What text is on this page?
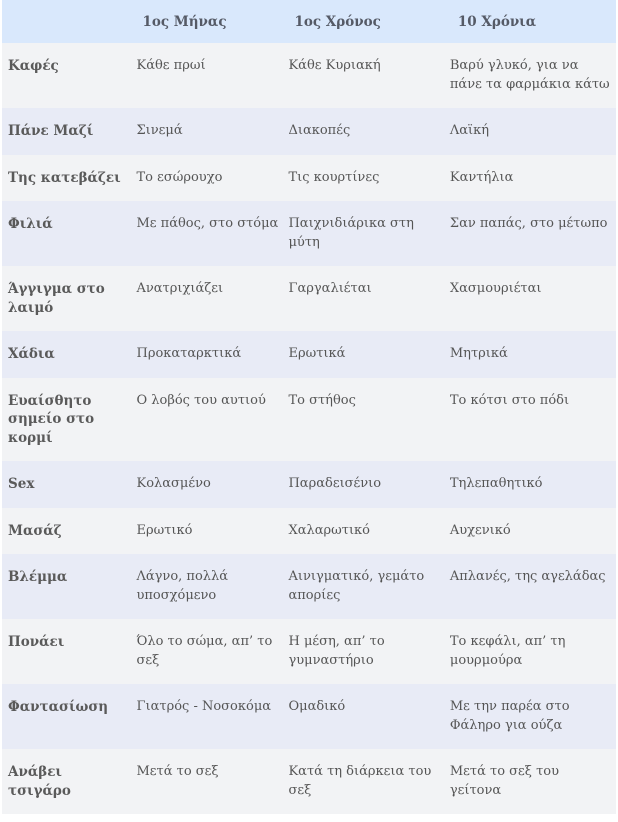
	1ος Μήνας	1ος Χρόνος	10 Χρόνια

Καφές	Κάθε πρωί	Κάθε Κυριακή	Βαρύ γλυκό, για να πάνε τα φαρμάκια κάτω

Πάνε Μαζί	Σινεμά	Διακοπές	Λαϊκή

Της κατεβάζει	Το εσώρουχο	Τις κουρτίνες	Καντήλια

Φιλιά	Με πάθος, στο στόμα	Παιχνιδιάρικα στη μύτη	Σαν παπάς, στο μέτωπο

Άγγιγμα στο λαιμό	Ανατριχιάζει	Γαργαλιέται	Χασμουριέται

Χάδια	Προκαταρκτικά	Ερωτικά	Μητρικά

Ευαίσθητο σημείο στο κορμί	Ο λοβός του αυτιού	Το στήθος	Το κότσι στο πόδι

Sex	Κολασμένο	Παραδεισένιο	Τηλεπαθητικό

Μασάζ	Ερωτικό	Χαλαρωτικό	Αυχενικό

Βλέμμα	Λάγνο, πολλά υποσχόμενο	Αινιγματικό, γεμάτο απορίες	Απλανές, της αγελάδας

Πονάει	Όλο το σώμα, απ’ το σεξ	Η μέση, απ’ το γυμναστήριο	Το κεφάλι, απ’ τη μουρμούρα

Φαντασίωση	Γιατρός - Νοσοκόμα	Ομαδικό	Με την παρέα στο Φάληρο για ούζα

Ανάβει τσιγάρο	Μετά το σεξ	Κατά τη διάρκεια του σεξ	Μετά το σεξ του γείτονα
